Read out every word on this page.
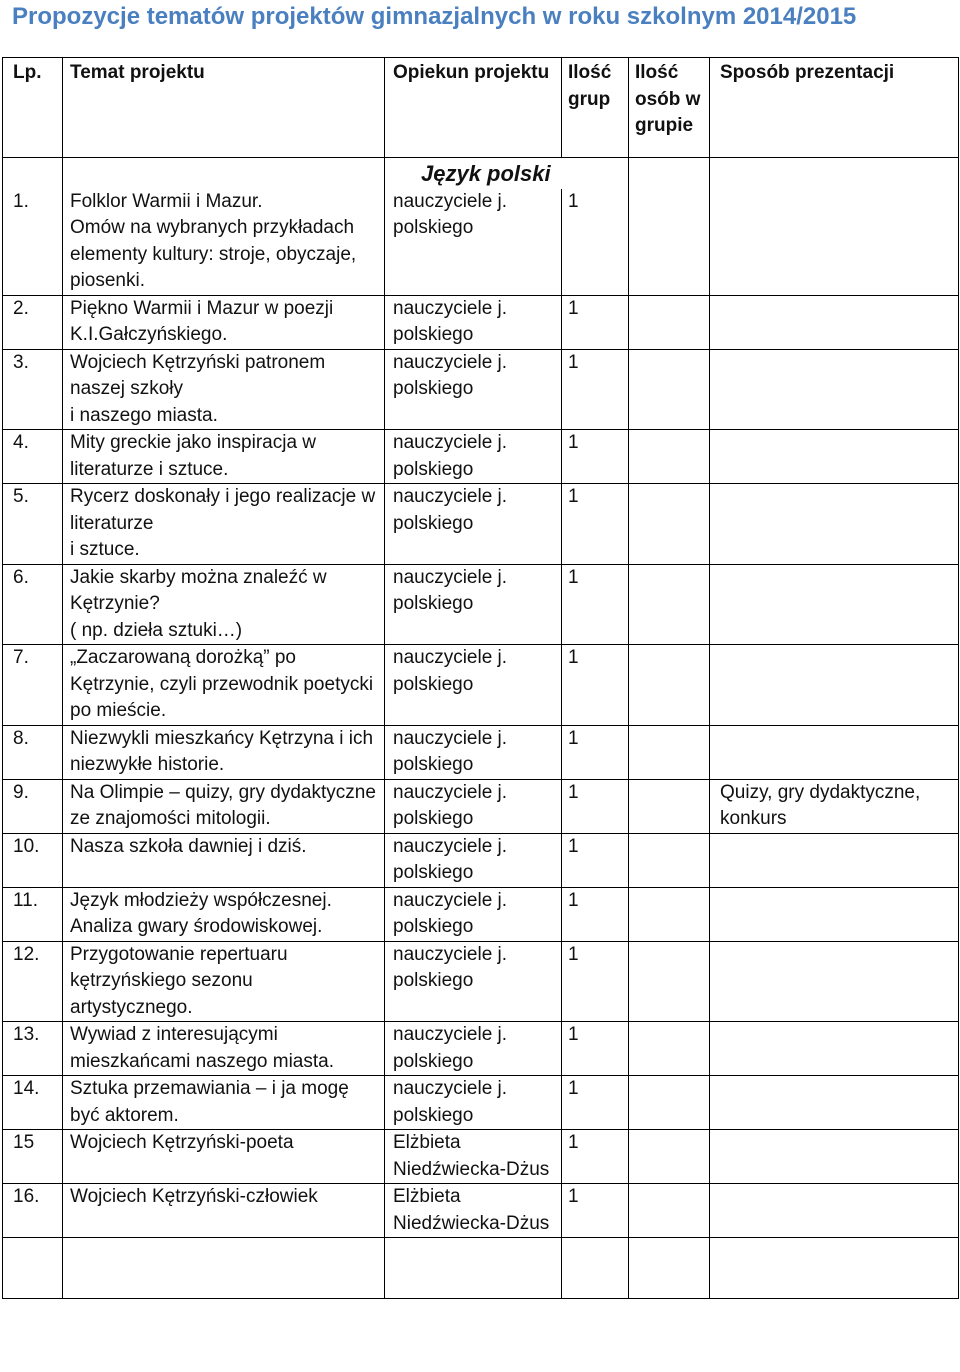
Propozycje tematów projektów gimnazjalnych w roku szkolnym 2014/2015
Lp.	Temat projektu	Opiekun projektu	Ilość grup	Ilość osób w grupie	Sposób prezentacji
		Język polski			
1.	Folklor Warmii i Mazur.
Omów na wybranych przykładach elementy kultury: stroje, obyczaje, piosenki.	nauczyciele j. polskiego	1		
2.	Piękno Warmii i Mazur w poezji K.I.Gałczyńskiego.	nauczyciele j. polskiego	1		
3.	Wojciech Kętrzyński patronem naszej szkoły
i naszego miasta.	nauczyciele j. polskiego	1		
4.	Mity greckie jako inspiracja w literaturze i sztuce.	nauczyciele j. polskiego	1		
5.	Rycerz doskonały i jego realizacje w literaturze
i sztuce.	nauczyciele j. polskiego	1		
6.	Jakie skarby można znaleźć w Kętrzynie?
( np. dzieła sztuki…)	nauczyciele j. polskiego	1		
7.	„Zaczarowaną dorożką” po Kętrzynie, czyli przewodnik poetycki po mieście.	nauczyciele j. polskiego	1		
8.	Niezwykli mieszkańcy Kętrzyna i ich niezwykłe historie.	nauczyciele j. polskiego	1		
9.	Na Olimpie – quizy, gry dydaktyczne ze znajomości mitologii.	nauczyciele j. polskiego	1		Quizy, gry dydaktyczne, konkurs
10.	Nasza szkoła dawniej i dziś.	nauczyciele j. polskiego	1		
11.	Język młodzieży współczesnej. Analiza gwary środowiskowej.	nauczyciele j. polskiego	1		
12.	Przygotowanie repertuaru kętrzyńskiego sezonu artystycznego.	nauczyciele j. polskiego	1		
13.	Wywiad z interesującymi mieszkańcami naszego miasta.	nauczyciele j. polskiego	1		
14.	Sztuka przemawiania – i ja mogę być aktorem.	nauczyciele j. polskiego	1		
15	Wojciech Kętrzyński-poeta	Elżbieta Niedźwiecka-Dżus	1		
16.	Wojciech Kętrzyński-człowiek	Elżbieta Niedźwiecka-Dżus	1		
